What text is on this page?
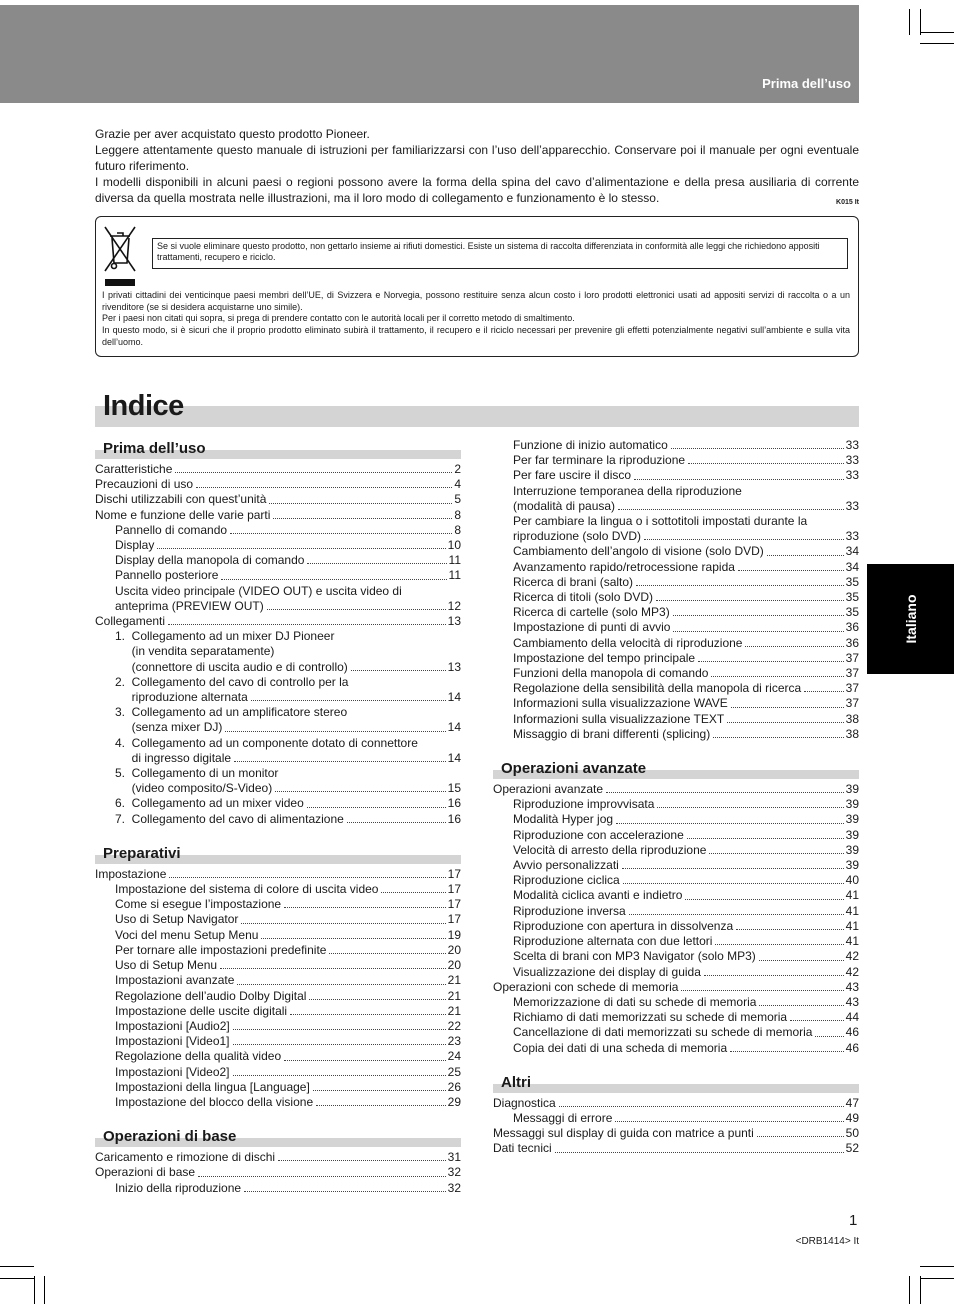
Prima dell’uso

Grazie per aver acquistato questo prodotto Pioneer.

Leggere attentamente questo manuale di istruzioni per familiarizzarsi con l’uso dell’apparecchio. Conservare poi il manuale per ogni eventuale futuro riferimento.

I modelli disponibili in alcuni paesi o regioni possono avere la forma della spina del cavo d’alimentazione e della presa ausiliaria di corrente diversa da quella mostrata nelle illustrazioni, ma il loro modo di collegamento e funzionamento è lo stesso.	K015 It

Se si vuole eliminare questo prodotto, non gettarlo insieme ai rifiuti domestici. Esiste un sistema di raccolta differenziata in conformità alle leggi che richiedono appositi trattamenti, recupero e riciclo.

I privati cittadini dei venticinque paesi membri dell’UE, di Svizzera e Norvegia, possono restituire senza alcun costo i loro prodotti elettronici usati ad appositi servizi di raccolta o a un rivenditore (se si desidera acquistarne uno simile).

Per i paesi non citati qui sopra, si prega di prendere contatto con le autorità locali per il corretto metodo di smaltimento.

In questo modo, si è sicuri che il proprio prodotto eliminato subirà il trattamento, il recupero e il riciclo necessari per prevenire gli effetti potenzialmente negativi sull’ambiente e sulla vita dell’uomo.

Indice
Prima dell’uso
Caratteristiche	2
Precauzioni di uso	4
Dischi utilizzabili con quest’unità	5
Nome e funzione delle varie parti	8
Pannello di comando	8
Display	10
Display della manopola di comando	11
Pannello posteriore	11
Uscita video principale (VIDEO OUT) e uscita video di
anteprima (PREVIEW OUT)	12
Collegamenti	13
1.  Collegamento ad un mixer DJ Pioneer
(in vendita separatamente)
(connettore di uscita audio e di controllo)	13
2.  Collegamento del cavo di controllo per la
riproduzione alternata	14
3.  Collegamento ad un amplificatore stereo
(senza mixer DJ)	14
4.  Collegamento ad un componente dotato di connettore
di ingresso digitale	14
5.  Collegamento di un monitor
(video composito/S-Video)	15
6.  Collegamento ad un mixer video	16
7.  Collegamento del cavo di alimentazione	16
Preparativi
Impostazione	17
Impostazione del sistema di colore di uscita video	17
Come si esegue l’impostazione	17
Uso di Setup Navigator	17
Voci del menu Setup Menu	19
Per tornare alle impostazioni predefinite	20
Uso di Setup Menu	20
Impostazioni avanzate	21
Regolazione dell’audio Dolby Digital	21
Impostazione delle uscite digitali	21
Impostazioni [Audio2]	22
Impostazioni [Video1]	23
Regolazione della qualità video	24
Impostazioni [Video2]	25
Impostazioni della lingua [Language]	26
Impostazione del blocco della visione	29
Operazioni di base
Caricamento e rimozione di dischi	31
Operazioni di base	32
Inizio della riproduzione	32
Funzione di inizio automatico	33
Per far terminare la riproduzione	33
Per fare uscire il disco	33
Interruzione temporanea della riproduzione
(modalità di pausa)	33
Per cambiare la lingua o i sottotitoli impostati durante la
riproduzione (solo DVD)	33
Cambiamento dell’angolo di visione (solo DVD)	34
Avanzamento rapido/retrocessione rapida	34
Ricerca di brani (salto)	35
Ricerca di titoli (solo DVD)	35
Ricerca di cartelle (solo MP3)	35
Impostazione di punti di avvio	36
Cambiamento della velocità di riproduzione	36
Impostazione del tempo principale	37
Funzioni della manopola di comando	37
Regolazione della sensibilità della manopola di ricerca	37
Informazioni sulla visualizzazione WAVE	37
Informazioni sulla visualizzazione TEXT	38
Missaggio di brani differenti (splicing)	38
Operazioni avanzate
Operazioni avanzate	39
Riproduzione improvvisata	39
Modalità Hyper jog	39
Riproduzione con accelerazione	39
Velocità di arresto della riproduzione	39
Avvio personalizzati	39
Riproduzione ciclica	40
Modalità ciclica avanti e indietro	41
Riproduzione inversa	41
Riproduzione con apertura in dissolvenza	41
Riproduzione alternata con due lettori	41
Scelta di brani con MP3 Navigator (solo MP3)	42
Visualizzazione dei display di guida	42
Operazioni con schede di memoria	43
Memorizzazione di dati su schede di memoria	43
Richiamo di dati memorizzati su schede di memoria	44
Cancellazione di dati memorizzati su schede di memoria	46
Copia dei dati di una scheda di memoria	46
Altri
Diagnostica	47
Messaggi di errore	49
Messaggi sul display di guida con matrice a punti	50
Dati tecnici	52
Italiano
1
<DRB1414> It
